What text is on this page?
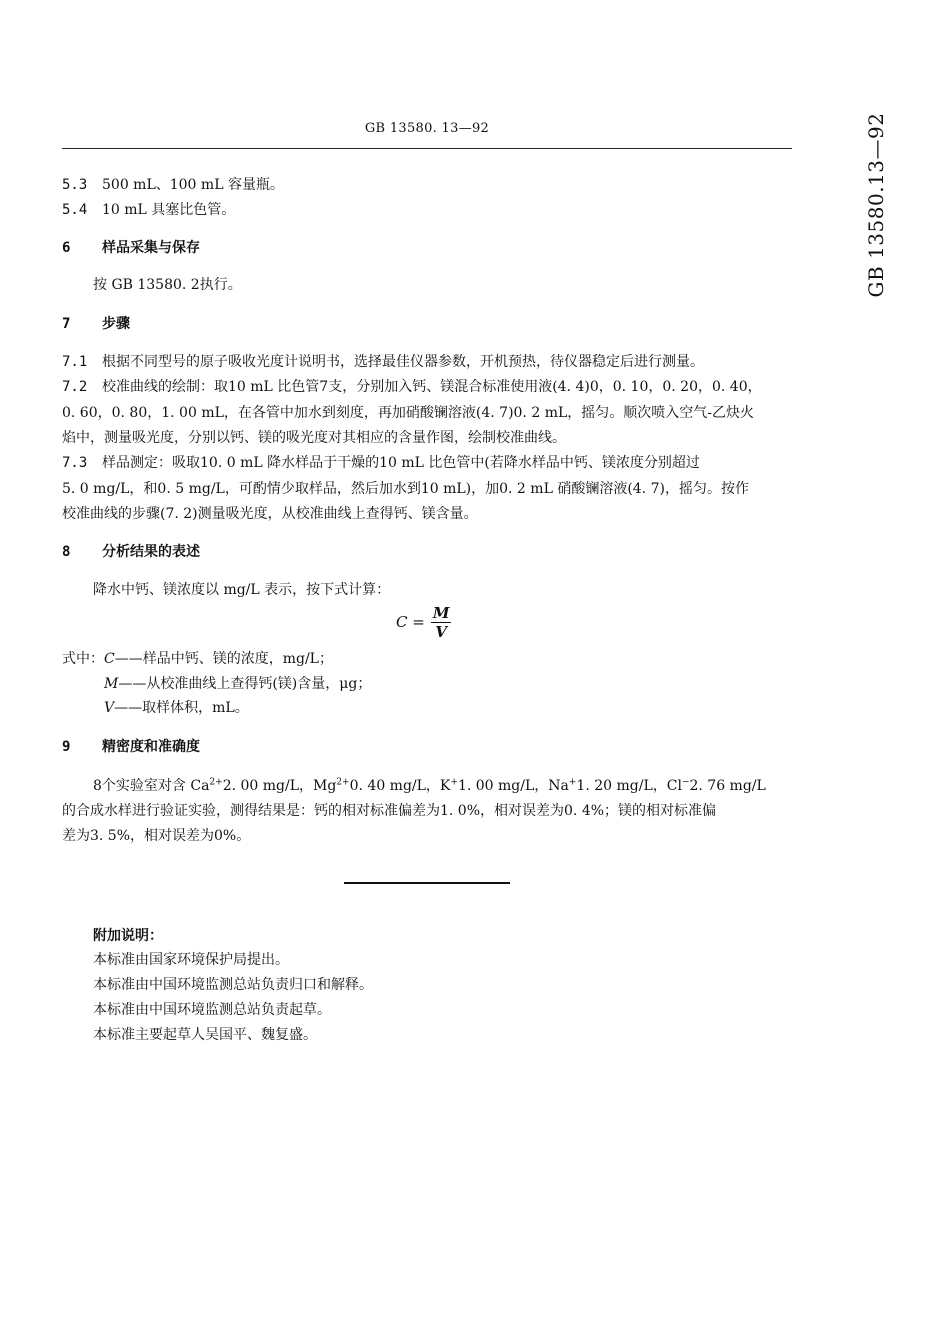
GB 13580. 13—92	GB 13580.13—92
5.3 500 mL、100 mL 容量瓶。
5.4 10 mL 具塞比色管。
6 样品采集与保存
按 GB 13580. 2执行。
7 步骤
7.1 根据不同型号的原子吸收光度计说明书，选择最佳仪器参数，开机预热，待仪器稳定后进行测量。
7.2 校准曲线的绘制：取10 mL 比色管7支，分别加入钙、镁混合标准使用液(4. 4)0，0. 10，0. 20，0. 40，
0. 60，0. 80，1. 00 mL，在各管中加水到刻度，再加硝酸镧溶液(4. 7)0. 2 mL，摇匀。顺次喷入空气-乙炔火
焰中，测量吸光度，分别以钙、镁的吸光度对其相应的含量作图，绘制校准曲线。
7.3 样品测定：吸取10. 0 mL 降水样品于干燥的10 mL 比色管中(若降水样品中钙、镁浓度分别超过
5. 0 mg/L，和0. 5 mg/L，可酌情少取样品，然后加水到10 mL)，加0. 2 mL 硝酸镧溶液(4. 7)，摇匀。按作
校准曲线的步骤(7. 2)测量吸光度，从校准曲线上查得钙、镁含量。
8 分析结果的表述
降水中钙、镁浓度以 mg/L 表示，按下式计算：
$C = \frac{M}{V}$
式中：C——样品中钙、镁的浓度，mg/L；
M——从校准曲线上查得钙(镁)含量，μg；
V——取样体积，mL。
9 精密度和准确度
8个实验室对含 $Ca^{2+}2$. 00 mg/L，$Mg^{2+}0$. 40 mg/L，K+1. 00 mg/L，Na+1. 20 mg/L，Cl−2. 76 mg/L
的合成水样进行验证实验，测得结果是：钙的相对标准偏差为1. 0%，相对误差为0. 4%；镁的相对标准偏
差为3. 5%，相对误差为0%。
附加说明：
本标准由国家环境保护局提出。
本标准由中国环境监测总站负责归口和解释。
本标准由中国环境监测总站负责起草。
本标准主要起草人吴国平、魏复盛。
